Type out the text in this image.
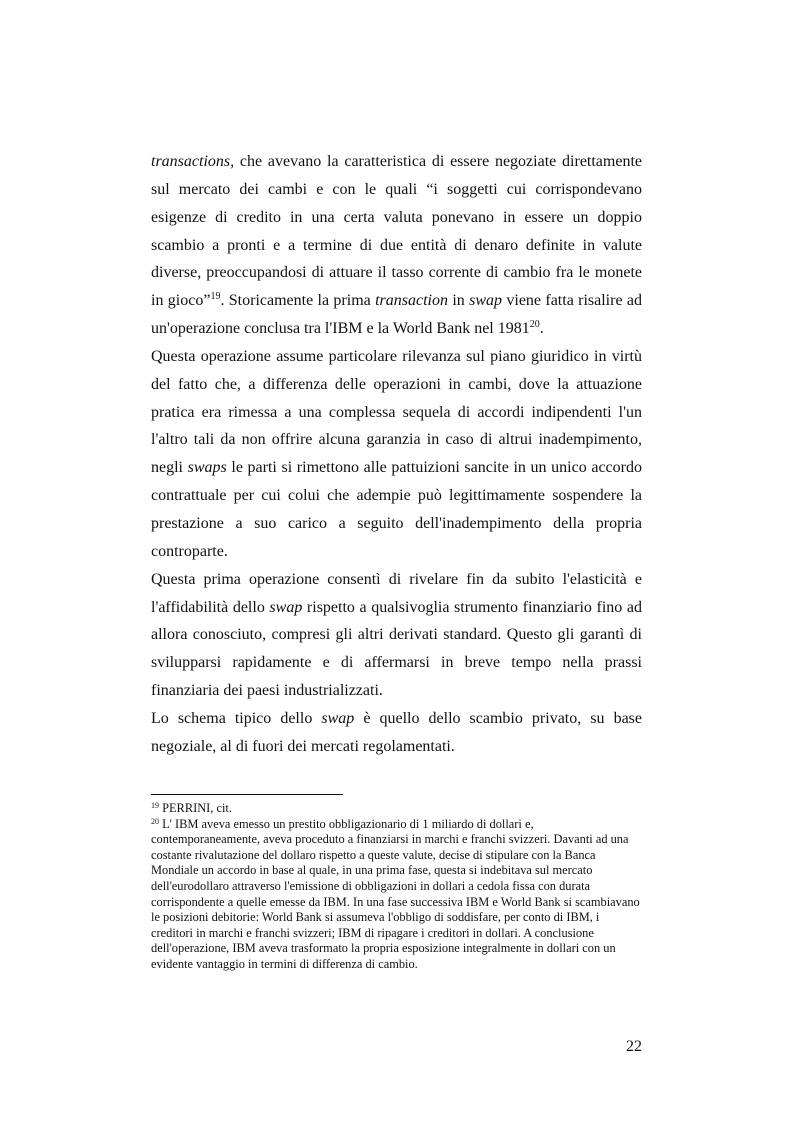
transactions, che avevano la caratteristica di essere negoziate direttamente sul mercato dei cambi e con le quali “i soggetti cui corrispondevano esigenze di credito in una certa valuta ponevano in essere un doppio scambio a pronti e a termine di due entità di denaro definite in valute diverse, preoccupandosi di attuare il tasso corrente di cambio fra le monete in gioco”$^{19}$. Storicamente la prima transaction in swap viene fatta risalire ad un'operazione conclusa tra l'IBM e la World Bank nel 1981$^{20}$.

Questa operazione assume particolare rilevanza sul piano giuridico in virtù del fatto che, a differenza delle operazioni in cambi, dove la attuazione pratica era rimessa a una complessa sequela di accordi indipendenti l'un l'altro tali da non offrire alcuna garanzia in caso di altrui inadempimento, negli swaps le parti si rimettono alle pattuizioni sancite in un unico accordo contrattuale per cui colui che adempie può legittimamente sospendere la prestazione a suo carico a seguito dell'inadempimento della propria controparte.

Questa prima operazione consentì di rivelare fin da subito l'elasticità e l'affidabilità dello swap rispetto a qualsivoglia strumento finanziario fino ad allora conosciuto, compresi gli altri derivati standard. Questo gli garantì di svilupparsi rapidamente e di affermarsi in breve tempo nella prassi finanziaria dei paesi industrializzati.

Lo schema tipico dello swap è quello dello scambio privato, su base negoziale, al di fuori dei mercati regolamentati.

$^{19}$ PERRINI, cit.

$^{20}$ L' IBM aveva emesso un prestito obbligazionario di 1 miliardo di dollari e, contemporaneamente, aveva proceduto a finanziarsi in marchi e franchi svizzeri. Davanti ad una costante rivalutazione del dollaro rispetto a queste valute, decise di stipulare con la Banca Mondiale un accordo in base al quale, in una prima fase, questa si indebitava sul mercato dell'eurodollaro attraverso l'emissione di obbligazioni in dollari a cedola fissa con durata corrispondente a quelle emesse da IBM. In una fase successiva IBM e World Bank si scambiavano le posizioni debitorie: World Bank si assumeva l'obbligo di soddisfare, per conto di IBM, i creditori in marchi e franchi svizzeri; IBM di ripagare i creditori in dollari. A conclusione dell'operazione, IBM aveva trasformato la propria esposizione integralmente in dollari con un evidente vantaggio in termini di differenza di cambio.

22
